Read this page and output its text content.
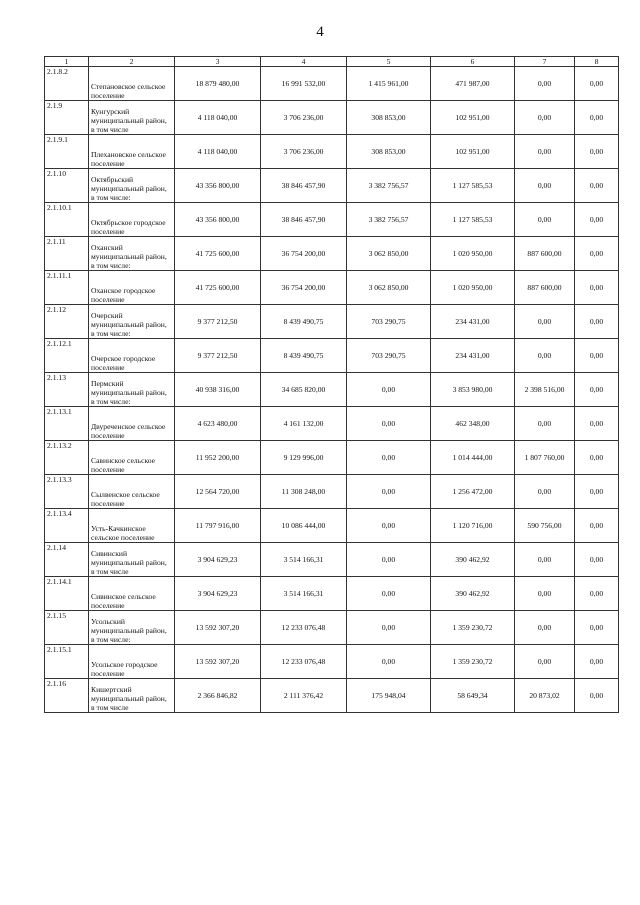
4
1	2	3	4	5	6	7	8
2.1.8.2	Степановское сельское поселение	18 879 480,00	16 991 532,00	1 415 961,00	471 987,00	0,00	0,00
2.1.9	Кунгурский муниципальный район, в том числе	4 118 040,00	3 706 236,00	308 853,00	102 951,00	0,00	0,00
2.1.9.1	Плехановское сельское поселение	4 118 040,00	3 706 236,00	308 853,00	102 951,00	0,00	0,00
2.1.10	Октябрьский муниципальный район, в том числе:	43 356 800,00	38 846 457,90	3 382 756,57	1 127 585,53	0,00	0,00
2.1.10.1	Октябрьское городское поселение	43 356 800,00	38 846 457,90	3 382 756,57	1 127 585,53	0,00	0,00
2.1.11	Оханский муниципальный район, в том числе:	41 725 600,00	36 754 200,00	3 062 850,00	1 020 950,00	887 600,00	0,00
2.1.11.1	Оханское городское поселение	41 725 600,00	36 754 200,00	3 062 850,00	1 020 950,00	887 600,00	0,00
2.1.12	Очерский муниципальный район, в том числе:	9 377 212,50	8 439 490,75	703 290,75	234 431,00	0,00	0,00
2.1.12.1	Очерское городское поселение	9 377 212,50	8 439 490,75	703 290,75	234 431,00	0,00	0,00
2.1.13	Пермский муниципальный район, в том числе:	40 938 316,00	34 685 820,00	0,00	3 853 980,00	2 398 516,00	0,00
2.1.13.1	Двуреченское сельское поселение	4 623 480,00	4 161 132,00	0,00	462 348,00	0,00	0,00
2.1.13.2	Савинское сельское поселение	11 952 200,00	9 129 996,00	0,00	1 014 444,00	1 807 760,00	0,00
2.1.13.3	Сылвенское сельское поселение	12 564 720,00	11 308 248,00	0,00	1 256 472,00	0,00	0,00
2.1.13.4	Усть-Качкинское сельское поселение	11 797 916,00	10 086 444,00	0,00	1 120 716,00	590 756,00	0,00
2.1.14	Сивинский муниципальный район, в том числе	3 904 629,23	3 514 166,31	0,00	390 462,92	0,00	0,00
2.1.14.1	Сивинское сельское поселение	3 904 629,23	3 514 166,31	0,00	390 462,92	0,00	0,00
2.1.15	Усольский муниципальный район, в том числе:	13 592 307,20	12 233 076,48	0,00	1 359 230,72	0,00	0,00
2.1.15.1	Усольское городское поселение	13 592 307,20	12 233 076,48	0,00	1 359 230,72	0,00	0,00
2.1.16	Кишертский муниципальный район, в том числе	2 366 846,82	2 111 376,42	175 948,04	58 649,34	20 873,02	0,00
